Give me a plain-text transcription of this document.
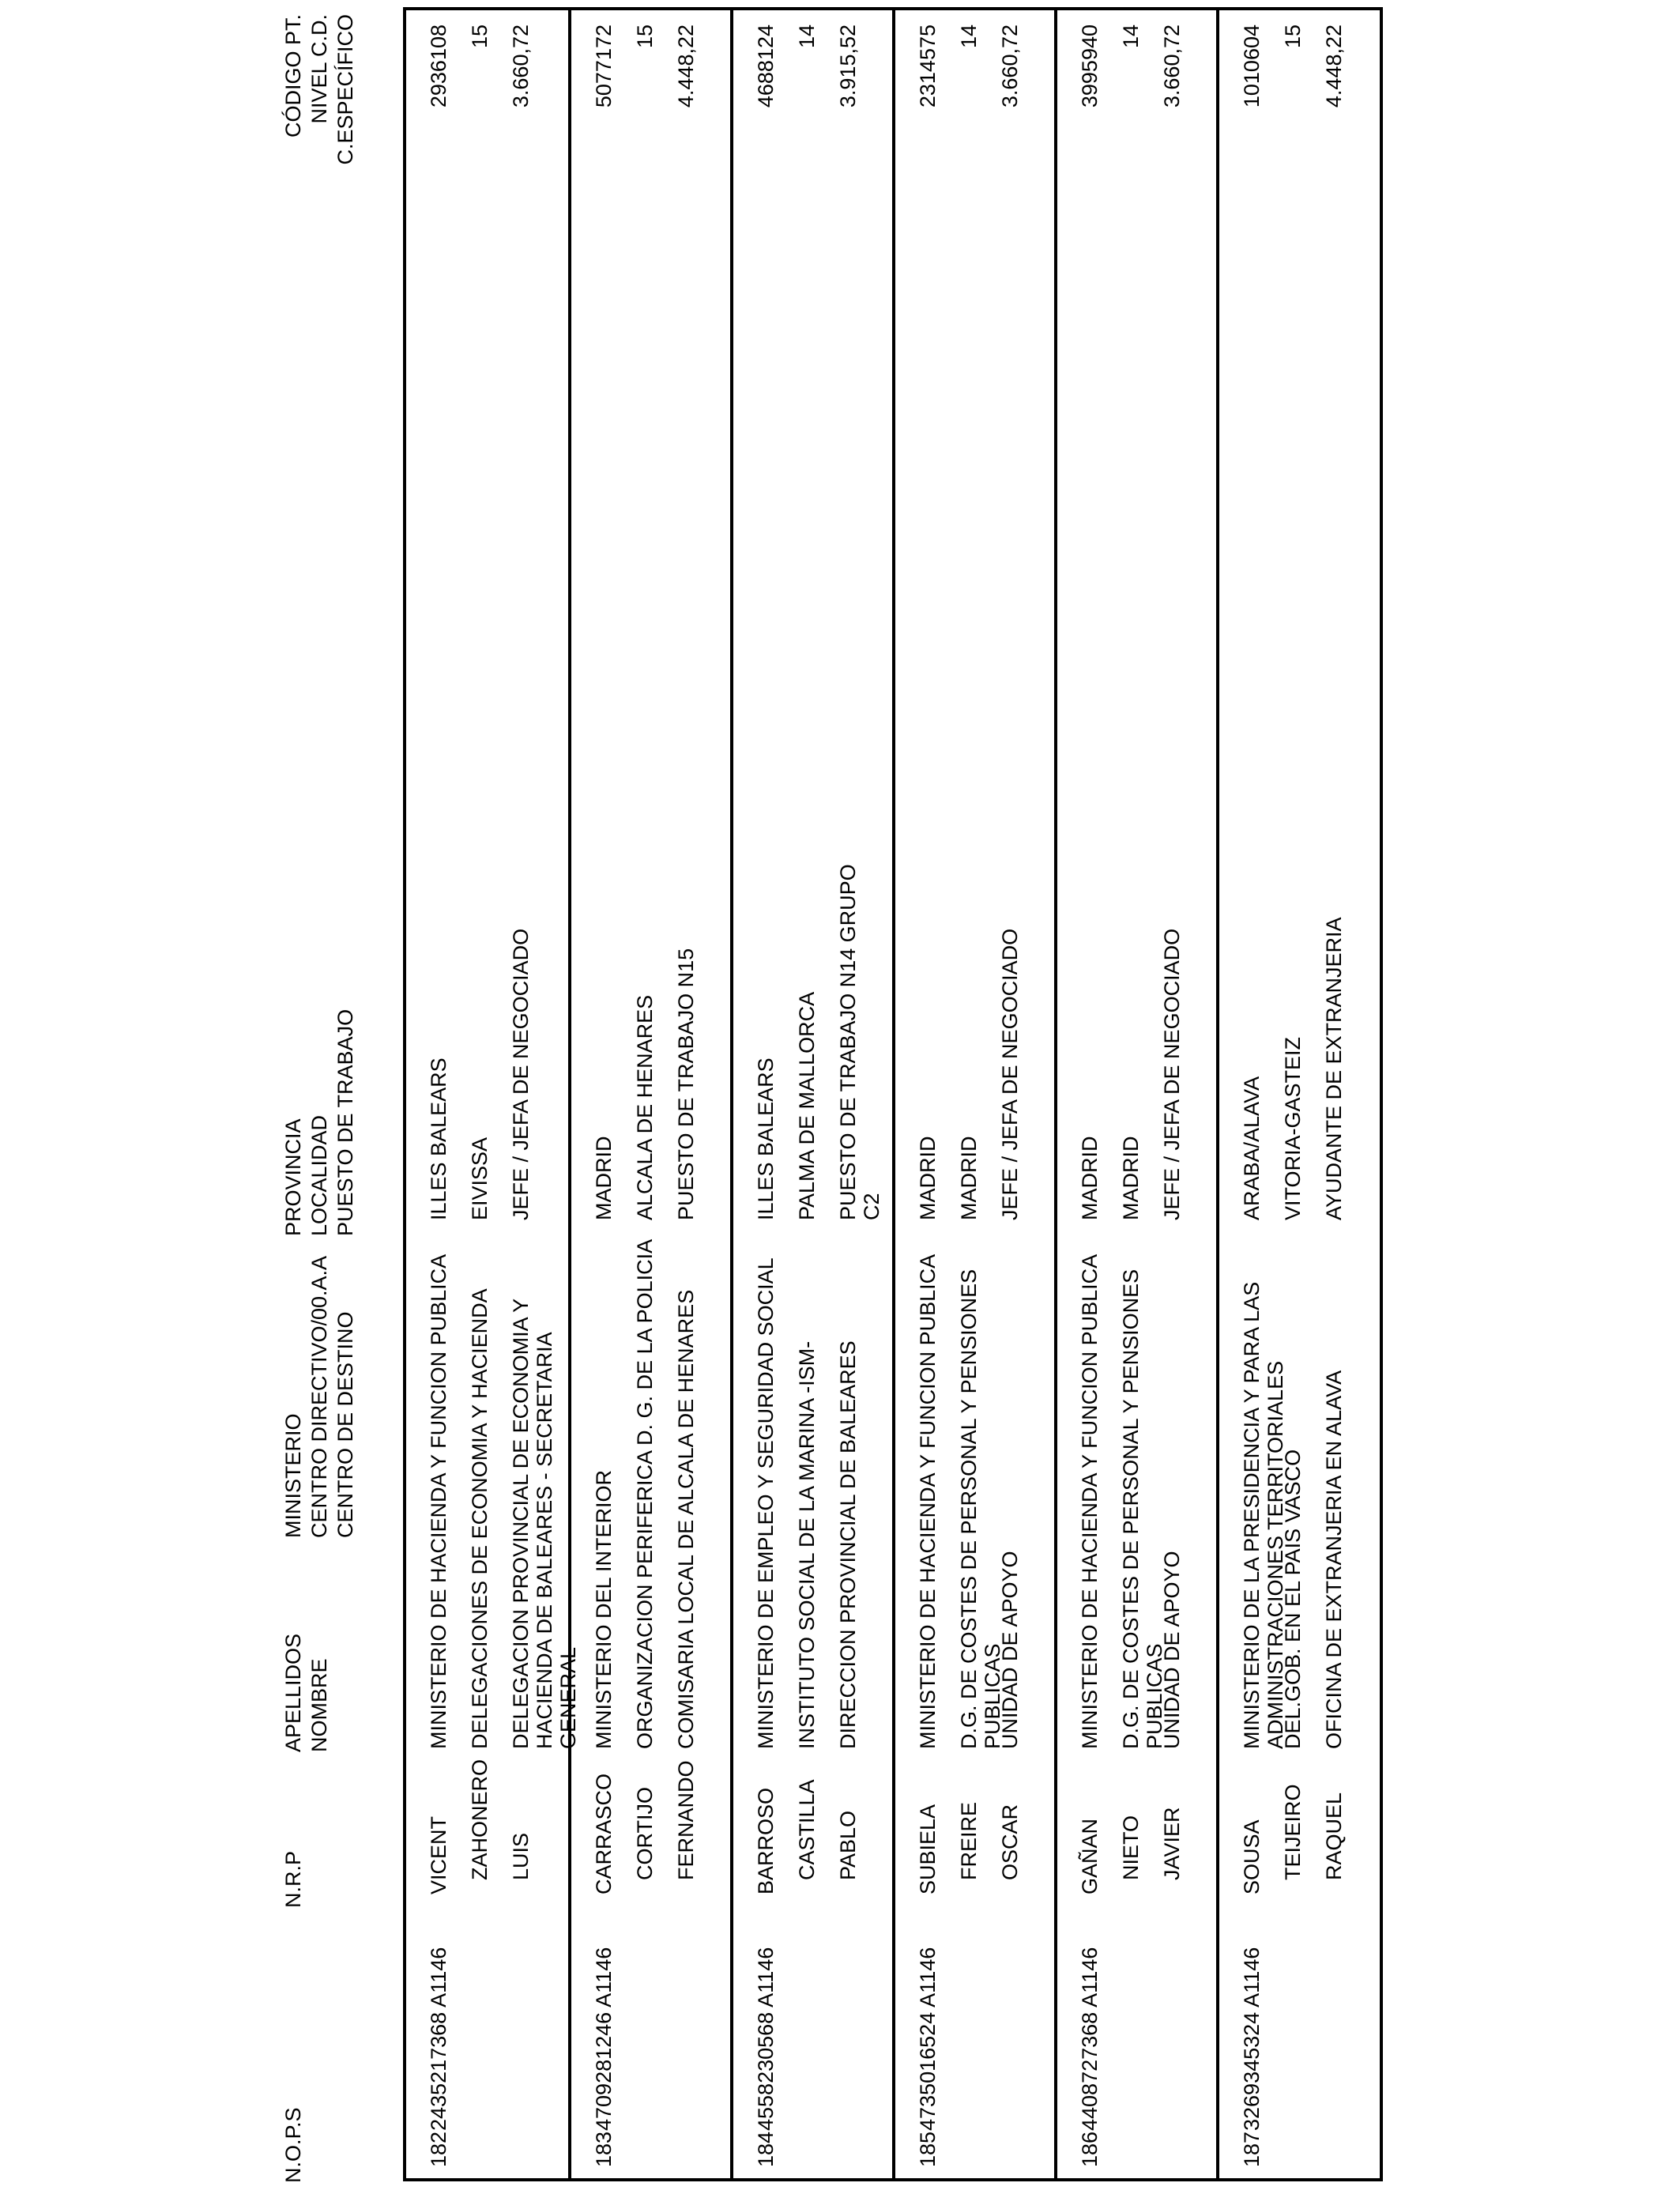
N.O.P.S
N.R.P
APELLIDOS
NOMBRE
MINISTERIO
CENTRO DIRECTIVO/00.A.A
CENTRO DE DESTINO
PROVINCIA
LOCALIDAD
PUESTO DE TRABAJO
CÓDIGO PT.
NIVEL C.D.
C.ESPECÍFICO
182
2435217368 A1146
VICENT ZAHONERO LUIS
MINISTERIO DE HACIENDA Y FUNCION PUBLICA DELEGACIONES DE ECONOMIA Y HACIENDA DELEGACION PROVINCIAL DE ECONOMIA Y HACIENDA DE BALEARES - SECRETARIA GENERAL
ILLES BALEARS EIVISSA JEFE / JEFA DE NEGOCIADO
2936108 15 3.660,72
183
4709281246 A1146
CARRASCO CORTIJO FERNANDO
MINISTERIO DEL INTERIOR ORGANIZACION PERIFERICA D. G. DE LA POLICIA COMISARIA LOCAL DE ALCALA DE HENARES
MADRID ALCALA DE HENARES PUESTO DE TRABAJO N15
5077172 15 4.448,22
184
4558230568 A1146
BARROSO CASTILLA PABLO
MINISTERIO DE EMPLEO Y SEGURIDAD SOCIAL INSTITUTO SOCIAL DE LA MARINA -ISM- DIRECCION PROVINCIAL DE BALEARES
ILLES BALEARS PALMA DE MALLORCA PUESTO DE TRABAJO N14 GRUPO C2
4688124 14 3.915,52
185
4735016524 A1146
SUBIELA FREIRE OSCAR
MINISTERIO DE HACIENDA Y FUNCION PUBLICA D.G. DE COSTES DE PERSONAL Y PENSIONES PUBLICAS
UNIDAD DE APOYO
MADRID MADRID JEFE / JEFA DE NEGOCIADO
2314575 14 3.660,72
186
4408727368 A1146
GAÑAN NIETO JAVIER
MINISTERIO DE HACIENDA Y FUNCION PUBLICA D.G. DE COSTES DE PERSONAL Y PENSIONES PUBLICAS
UNIDAD DE APOYO
MADRID MADRID JEFE / JEFA DE NEGOCIADO
3995940 14 3.660,72
187
3269345324 A1146
SOUSA TEIJEIRO RAQUEL
MINISTERIO DE LA PRESIDENCIA Y PARA LAS ADMINISTRACIONES TERRITORIALES
DEL.GOB. EN EL PAIS VASCO OFICINA DE EXTRANJERIA EN ALAVA
ARABA/ALAVA VITORIA-GASTEIZ AYUDANTE DE EXTRANJERIA
1010604 15 4.448,22
